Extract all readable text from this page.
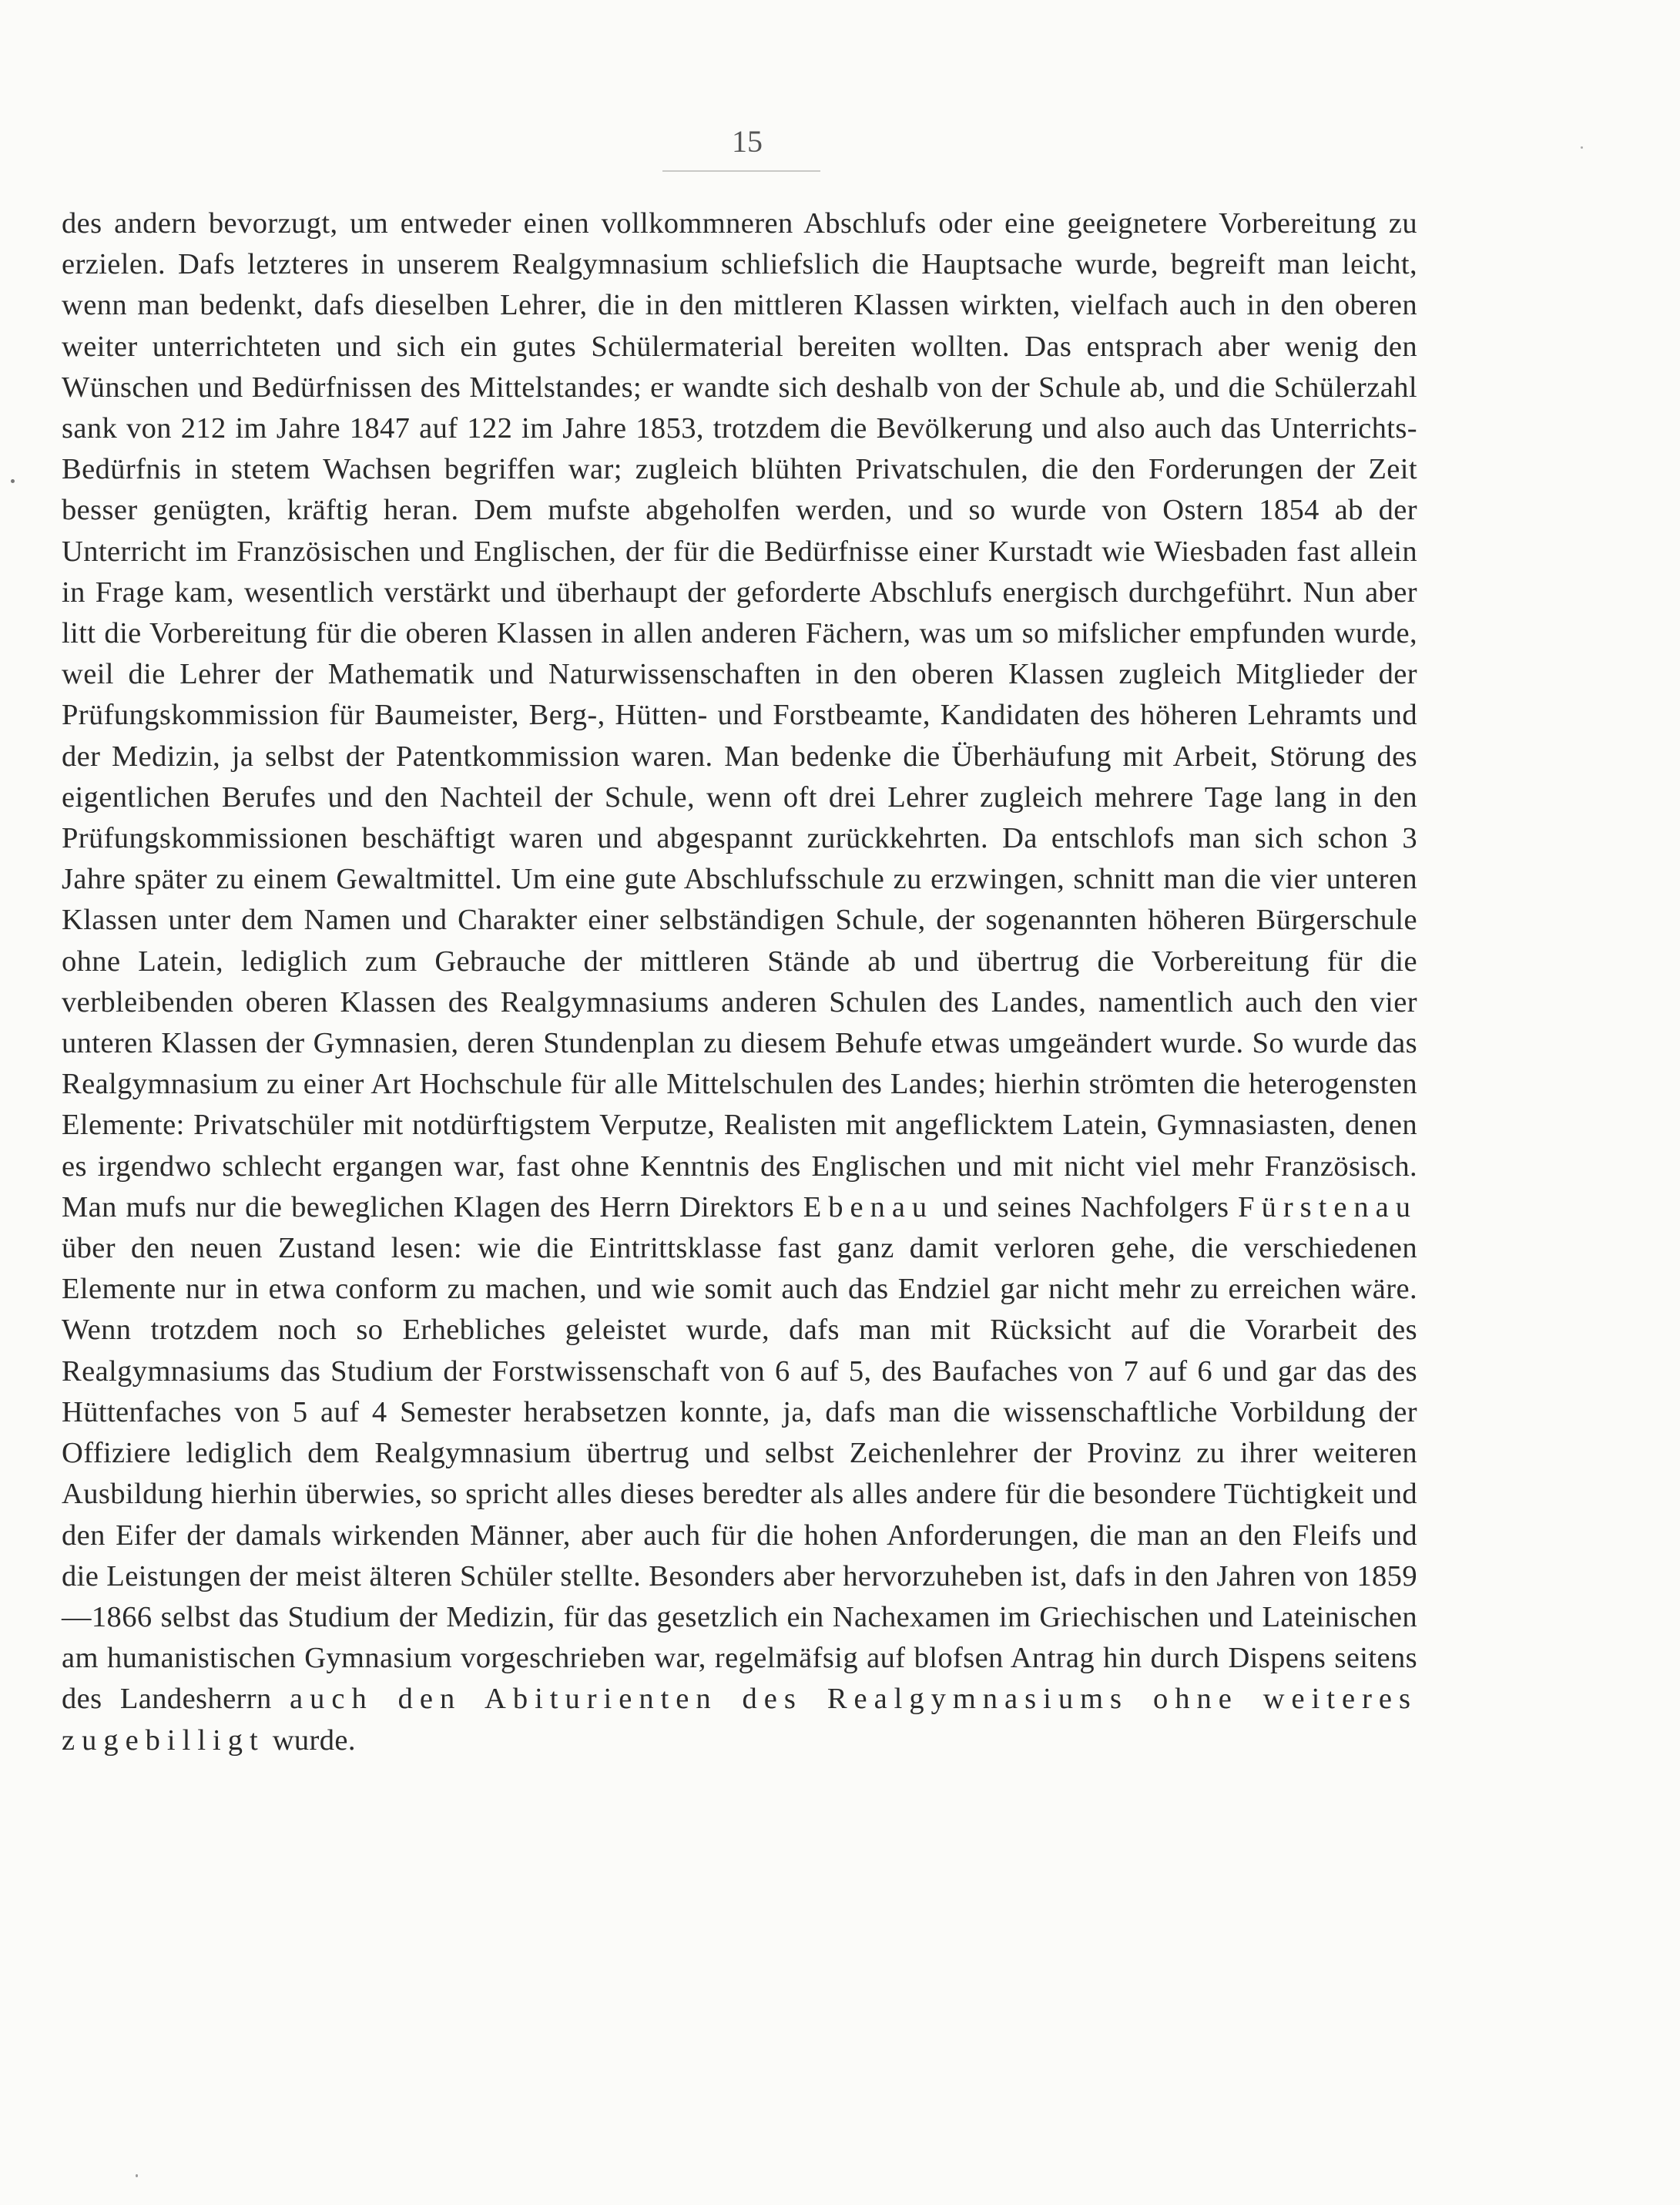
15
des andern bevorzugt, um entweder einen vollkommneren Abschlufs oder eine geeignetere Vorbereitung zu erzielen. Dafs letzteres in unserem Realgymnasium schliefslich die Hauptsache wurde, begreift man leicht, wenn man bedenkt, dafs dieselben Lehrer, die in den mittleren Klassen wirkten, vielfach auch in den oberen weiter unterrichteten und sich ein gutes Schülermaterial bereiten wollten. Das entsprach aber wenig den Wünschen und Bedürfnissen des Mittelstandes; er wandte sich deshalb von der Schule ab, und die Schülerzahl sank von 212 im Jahre 1847 auf 122 im Jahre 1853, trotzdem die Bevölkerung und also auch das Unterrichts-Bedürfnis in stetem Wachsen begriffen war; zugleich blühten Privatschulen, die den Forderungen der Zeit besser genügten, kräftig heran. Dem mufste abgeholfen werden, und so wurde von Ostern 1854 ab der Unterricht im Französischen und Englischen, der für die Bedürfnisse einer Kurstadt wie Wiesbaden fast allein in Frage kam, wesentlich verstärkt und überhaupt der geforderte Abschlufs energisch durchgeführt. Nun aber litt die Vorbereitung für die oberen Klassen in allen anderen Fächern, was um so mifslicher empfunden wurde, weil die Lehrer der Mathematik und Naturwissenschaften in den oberen Klassen zugleich Mitglieder der Prüfungskommission für Baumeister, Berg-, Hütten- und Forstbeamte, Kandidaten des höheren Lehramts und der Medizin, ja selbst der Patentkommission waren. Man bedenke die Überhäufung mit Arbeit, Störung des eigentlichen Berufes und den Nachteil der Schule, wenn oft drei Lehrer zugleich mehrere Tage lang in den Prüfungskommissionen beschäftigt waren und abgespannt zurückkehrten. Da entschlofs man sich schon 3 Jahre später zu einem Gewaltmittel. Um eine gute Abschlufsschule zu erzwingen, schnitt man die vier unteren Klassen unter dem Namen und Charakter einer selbständigen Schule, der sogenannten höheren Bürgerschule ohne Latein, lediglich zum Gebrauche der mittleren Stände ab und übertrug die Vorbereitung für die verbleibenden oberen Klassen des Realgymnasiums anderen Schulen des Landes, namentlich auch den vier unteren Klassen der Gymnasien, deren Stundenplan zu diesem Behufe etwas umgeändert wurde. So wurde das Realgymnasium zu einer Art Hochschule für alle Mittelschulen des Landes; hierhin strömten die heterogensten Elemente: Privatschüler mit notdürftigstem Verputze, Realisten mit angeflicktem Latein, Gymnasiasten, denen es irgendwo schlecht ergangen war, fast ohne Kenntnis des Englischen und mit nicht viel mehr Französisch. Man mufs nur die beweglichen Klagen des Herrn Direktors Ebenau und seines Nachfolgers Fürstenau über den neuen Zustand lesen: wie die Eintrittsklasse fast ganz damit verloren gehe, die verschiedenen Elemente nur in etwa conform zu machen, und wie somit auch das Endziel gar nicht mehr zu erreichen wäre. Wenn trotzdem noch so Erhebliches geleistet wurde, dafs man mit Rücksicht auf die Vorarbeit des Realgymnasiums das Studium der Forstwissenschaft von 6 auf 5, des Baufaches von 7 auf 6 und gar das des Hüttenfaches von 5 auf 4 Semester herabsetzen konnte, ja, dafs man die wissenschaftliche Vorbildung der Offiziere lediglich dem Realgymnasium übertrug und selbst Zeichenlehrer der Provinz zu ihrer weiteren Ausbildung hierhin überwies, so spricht alles dieses beredter als alles andere für die besondere Tüchtigkeit und den Eifer der damals wirkenden Männer, aber auch für die hohen Anforderungen, die man an den Fleifs und die Leistungen der meist älteren Schüler stellte. Besonders aber hervorzuheben ist, dafs in den Jahren von 1859—1866 selbst das Studium der Medizin, für das gesetzlich ein Nachexamen im Griechischen und Lateinischen am humanistischen Gymnasium vorgeschrieben war, regelmäfsig auf blofsen Antrag hin durch Dispens seitens des Landesherrn auch den Abiturienten des Realgymnasiums ohne weiteres zugebilligt wurde.
